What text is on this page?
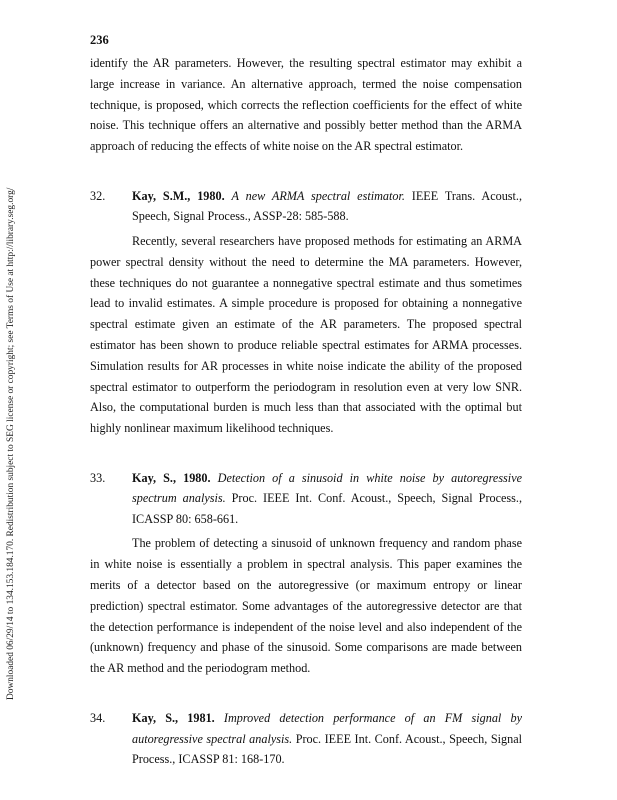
Downloaded 06/29/14 to 134.153.184.170. Redistribution subject to SEG license or copyright; see Terms of Use at http://library.seg.org/
236

identify the AR parameters. However, the resulting spectral estimator may exhibit a large increase in variance. An alternative approach, termed the noise compensation technique, is proposed, which corrects the reflection coefficients for the effect of white noise. This technique offers an alternative and possibly better method than the ARMA approach of reducing the effects of white noise on the AR spectral estimator.

32.	Kay, S.M., 1980. A new ARMA spectral estimator. IEEE Trans. Acoust., Speech, Signal Process., ASSP-28: 585-588.

Recently, several researchers have proposed methods for estimating an ARMA power spectral density without the need to determine the MA parameters. However, these techniques do not guarantee a nonnegative spectral estimate and thus sometimes lead to invalid estimates. A simple procedure is proposed for obtaining a nonnegative spectral estimate given an estimate of the AR parameters. The proposed spectral estimator has been shown to produce reliable spectral estimates for ARMA processes. Simulation results for AR processes in white noise indicate the ability of the proposed spectral estimator to outperform the periodogram in resolution even at very low SNR. Also, the computational burden is much less than that associated with the optimal but highly nonlinear maximum likelihood techniques.

33.	Kay, S., 1980. Detection of a sinusoid in white noise by autoregressive spectrum analysis. Proc. IEEE Int. Conf. Acoust., Speech, Signal Process., ICASSP 80: 658-661.

The problem of detecting a sinusoid of unknown frequency and random phase in white noise is essentially a problem in spectral analysis. This paper examines the merits of a detector based on the autoregressive (or maximum entropy or linear prediction) spectral estimator. Some advantages of the autoregressive detector are that the detection performance is independent of the noise level and also independent of the (unknown) frequency and phase of the sinusoid. Some comparisons are made between the AR method and the periodogram method.

34.	Kay, S., 1981. Improved detection performance of an FM signal by autoregressive spectral analysis. Proc. IEEE Int. Conf. Acoust., Speech, Signal Process., ICASSP 81: 168-170.
